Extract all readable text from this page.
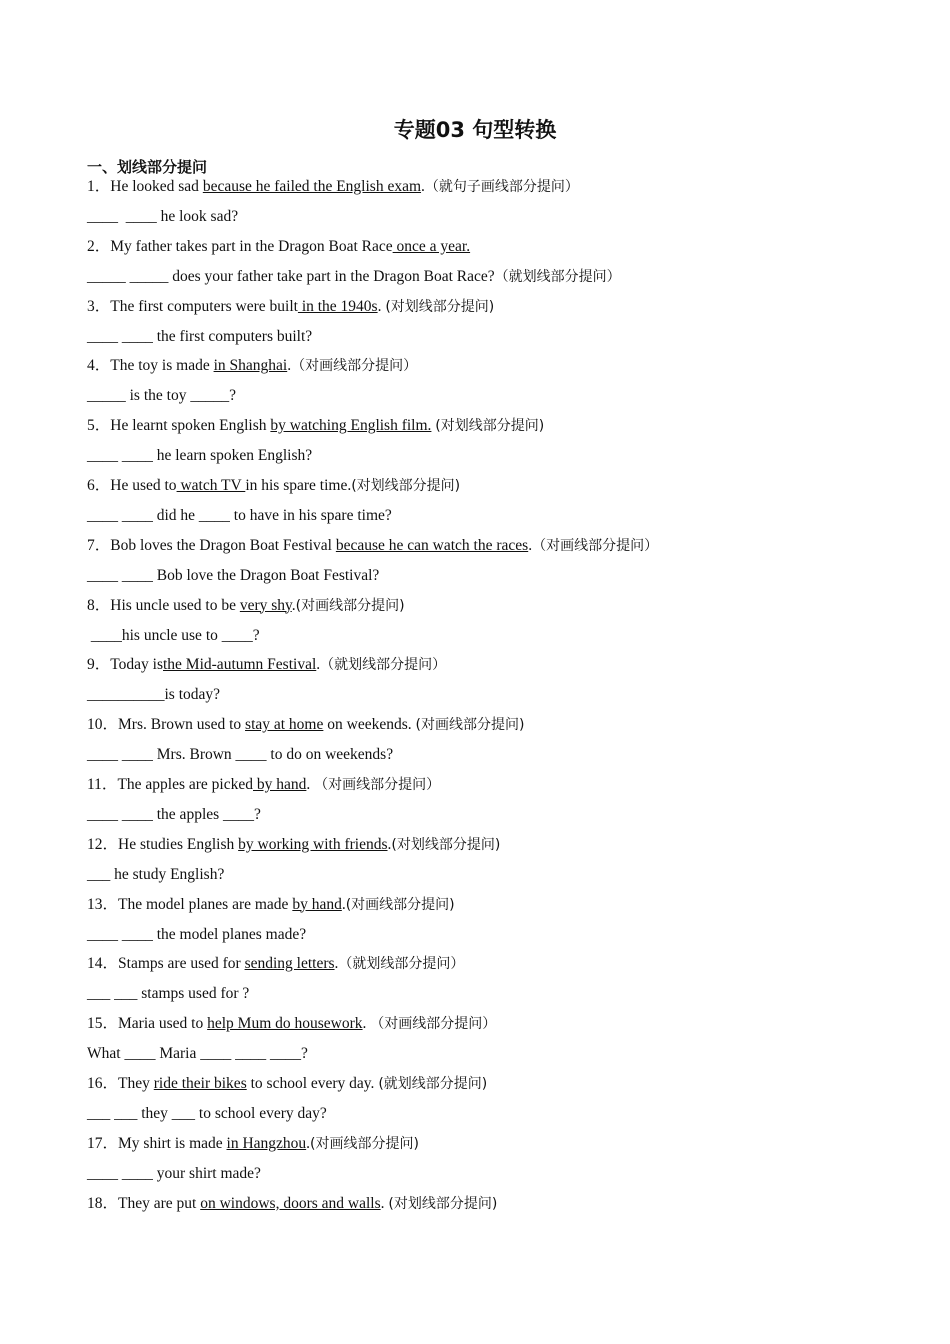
专题03 句型转换
一、划线部分提问
1．He looked sad because he failed the English exam.（就句子画线部分提问）
____  ____ he look sad?
2．My father takes part in the Dragon Boat Race once a year.
_____ _____ does your father take part in the Dragon Boat Race?（就划线部分提问）
3．The first computers were built in the 1940s. (对划线部分提问)
____ ____ the first computers built?
4．The toy is made in Shanghai.（对画线部分提问）
_____ is the toy _____?
5．He learnt spoken English by watching English film. (对划线部分提问)
____ ____ he learn spoken English?
6．He used to watch TV in his spare time.(对划线部分提问)
____ ____ did he ____ to have in his spare time?
7．Bob loves the Dragon Boat Festival because he can watch the races.（对画线部分提问）
____ ____ Bob love the Dragon Boat Festival?
8．His uncle used to be very shy.(对画线部分提问)
____his uncle use to ____?
9．Today isthe Mid-autumn Festival.（就划线部分提问）
__________is today?
10．Mrs. Brown used to stay at home on weekends. (对画线部分提问)
____ ____ Mrs. Brown ____ to do on weekends?
11．The apples are picked by hand. （对画线部分提问）
____ ____ the apples ____?
12．He studies English by working with friends.(对划线部分提问)
___ he study English?
13．The model planes are made by hand.(对画线部分提问)
____ ____ the model planes made?
14．Stamps are used for sending letters.（就划线部分提问）
___ ___ stamps used for ?
15．Maria used to help Mum do housework. （对画线部分提问）
What ____ Maria ____ ____ ____?
16．They ride their bikes to school every day. (就划线部分提问)
___ ___ they ___ to school every day?
17．My shirt is made in Hangzhou.(对画线部分提问)
____ ____ your shirt made?
18．They are put on windows, doors and walls. (对划线部分提问)
